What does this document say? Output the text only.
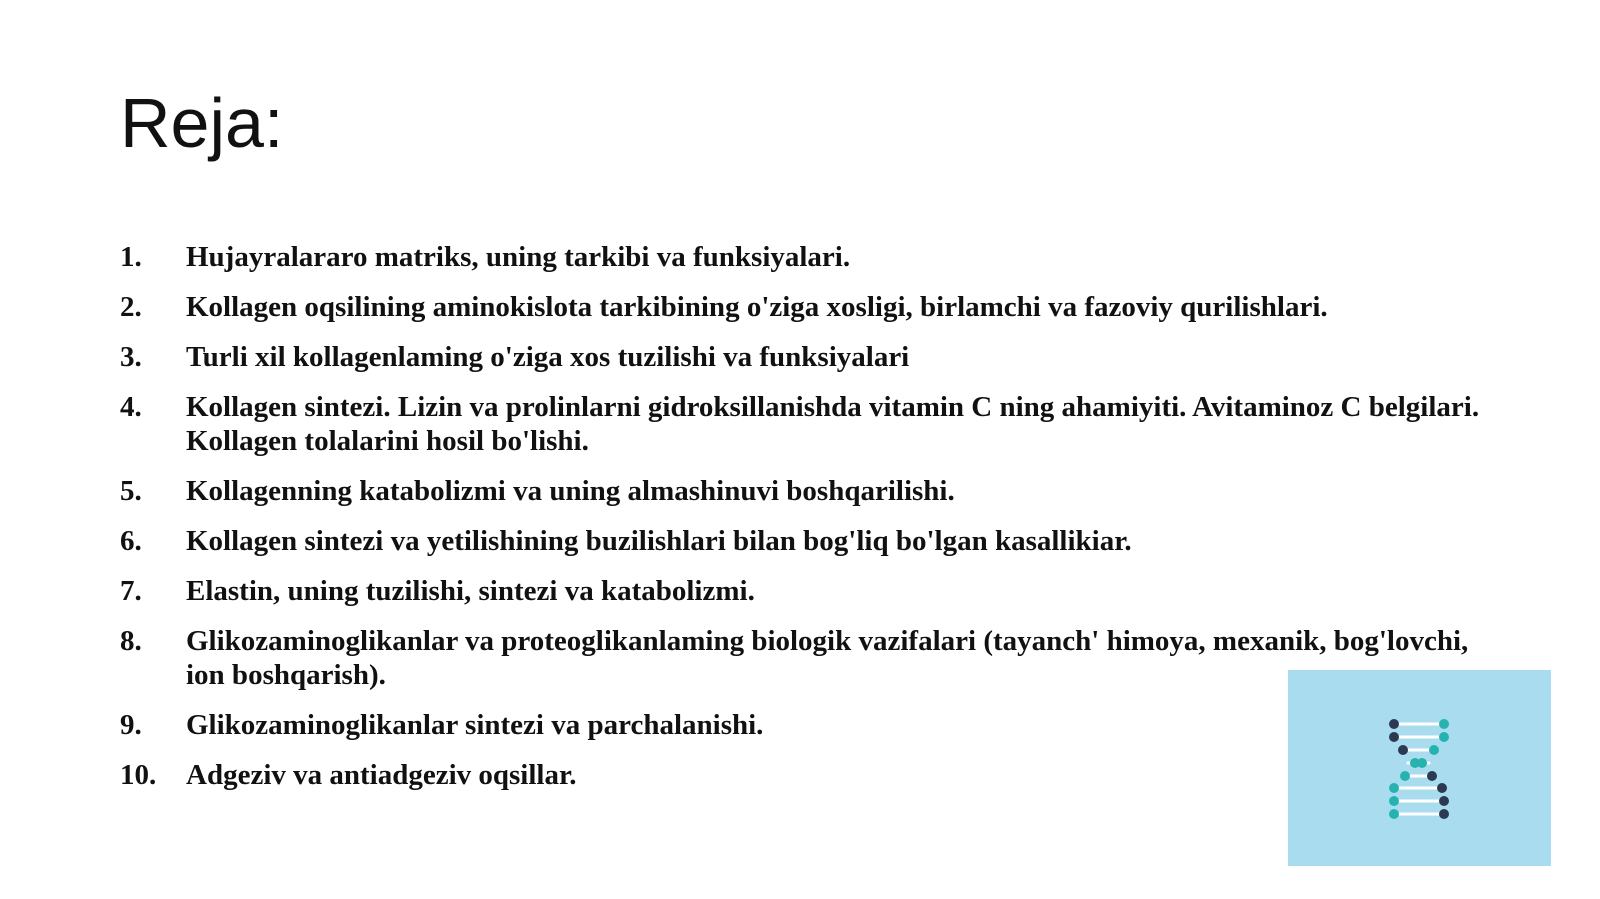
Reja:
1.	Hujayralararo matriks, uning tarkibi va funksiyalari.
2.	Kollagen oqsilining aminokislota tarkibining o'ziga xosligi, birlamchi va fazoviy qurilishlari.
3.	Turli xil kollagenlaming o'ziga xos tuzilishi va funksiyalari
4.	Kollagen sintezi. Lizin va prolinlarni gidroksillanishda vitamin C ning ahamiyiti. Avitaminoz C belgilari. Kollagen tolalarini hosil bo'lishi.
5.	Kollagenning katabolizmi va uning almashinuvi boshqarilishi.
6.	Kollagen sintezi va yetilishining buzilishlari bilan bog'liq bo'lgan kasallikiar.
7.	Elastin, uning tuzilishi, sintezi va katabolizmi.
8.	Glikozaminoglikanlar va proteoglikanlaming biologik vazifalari (tayanch' himoya, mexanik, bog'lovchi, ion boshqarish).
9.	Glikozaminoglikanlar sintezi va parchalanishi.
10.	Adgeziv va antiadgeziv oqsillar.
